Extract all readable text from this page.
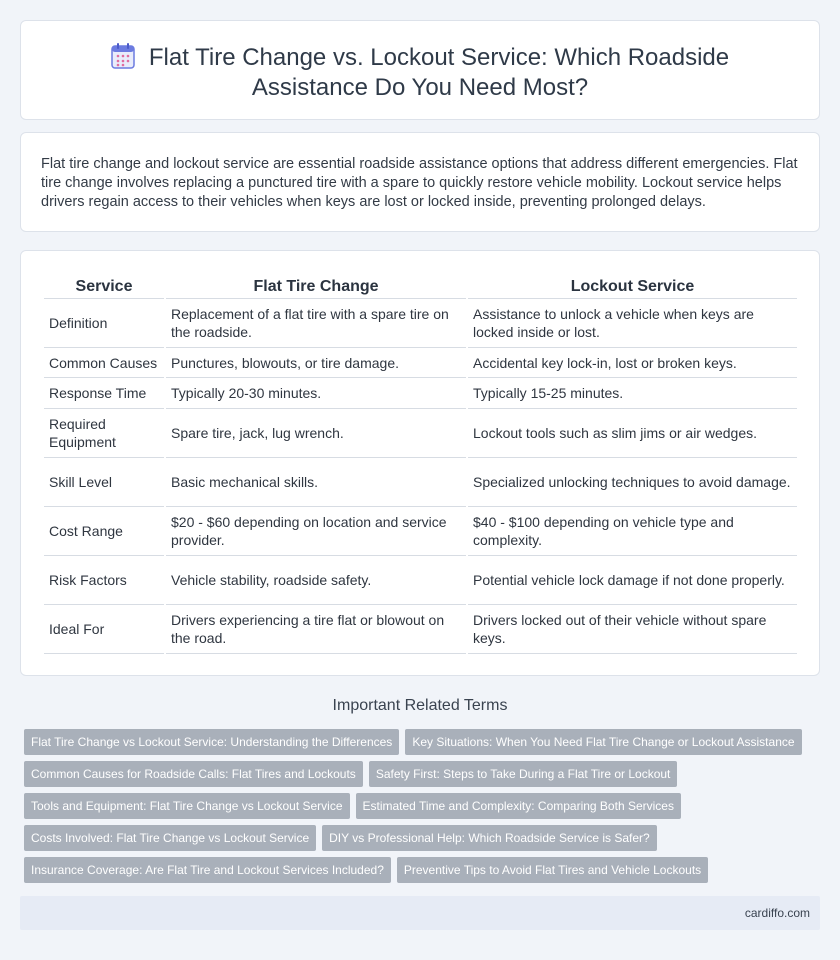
Flat Tire Change vs. Lockout Service: Which Roadside Assistance Do You Need Most?

Flat tire change and lockout service are essential roadside assistance options that address different emergencies. Flat tire change involves replacing a punctured tire with a spare to quickly restore vehicle mobility. Lockout service helps drivers regain access to their vehicles when keys are lost or locked inside, preventing prolonged delays.

Service	Flat Tire Change	Lockout Service
Definition	Replacement of a flat tire with a spare tire on the roadside.	Assistance to unlock a vehicle when keys are locked inside or lost.
Common Causes	Punctures, blowouts, or tire damage.	Accidental key lock-in, lost or broken keys.
Response Time	Typically 20-30 minutes.	Typically 15-25 minutes.
Required Equipment	Spare tire, jack, lug wrench.	Lockout tools such as slim jims or air wedges.
Skill Level	Basic mechanical skills.	Specialized unlocking techniques to avoid damage.
Cost Range	$20 - $60 depending on location and service provider.	$40 - $100 depending on vehicle type and complexity.
Risk Factors	Vehicle stability, roadside safety.	Potential vehicle lock damage if not done properly.
Ideal For	Drivers experiencing a tire flat or blowout on the road.	Drivers locked out of their vehicle without spare keys.
Important Related Terms
Flat Tire Change vs Lockout Service: Understanding the Differences Key Situations: When You Need Flat Tire Change or Lockout Assistance
Common Causes for Roadside Calls: Flat Tires and Lockouts Safety First: Steps to Take During a Flat Tire or Lockout
Tools and Equipment: Flat Tire Change vs Lockout Service Estimated Time and Complexity: Comparing Both Services
Costs Involved: Flat Tire Change vs Lockout Service DIY vs Professional Help: Which Roadside Service is Safer?
Insurance Coverage: Are Flat Tire and Lockout Services Included? Preventive Tips to Avoid Flat Tires and Vehicle Lockouts
cardiffo.com
